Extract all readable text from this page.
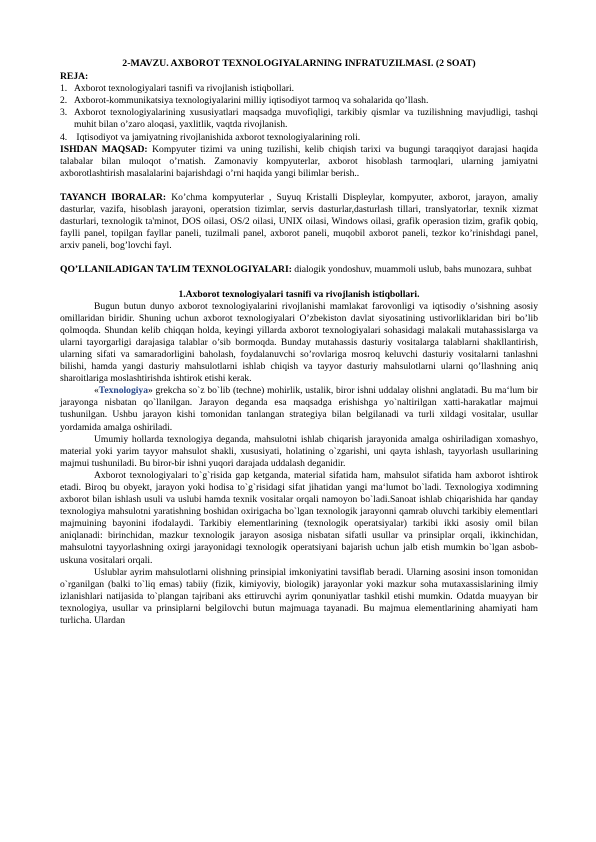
2-MAVZU. AXBOROT TEXNOLOGIYALARNING INFRATUZILMASI. (2 SOAT)

REJA:

1. Axborot texnologiyalari tasnifi va rivojlanish istiqbollari.
2. Axborot-kommunikatsiya texnologiyalarini milliy iqtisodiyot tarmoq va sohalarida qo’llash.
3. Axborot texnologiyalarining xususiyatlari maqsadga muvofiqligi, tarkibiy qismlar va tuzilishning mavjudligi, tashqi muhit bilan o’zaro aloqasi, yaxlitlik, vaqtda rivojlanish.
4. Iqtisodiyot va jamiyatning rivojlanishida axborot texnologiyalarining roli.

ISHDAN MAQSAD: Kompyuter tizimi va uning tuzilishi, kelib chiqish tarixi va bugungi taraqqiyot darajasi haqida talabalar bilan muloqot o’rnatish. Zamonaviy kompyuterlar, axborot hisoblash tarmoqlari, ularning jamiyatni axborotlashtirish masalalarini bajarishdagi o’rni haqida yangi bilimlar berish..

TAYANCH IBORALAR: Ko’chma kompyuterlar , Suyuq Kristalli Displeylar, kompyuter, axborot, jarayon, amaliy dasturlar, vazifa, hisoblash jarayoni, operatsion tizimlar, servis dasturlar,dasturlash tillari, translyatorlar, texnik xizmat dasturlari, texnologik ta'minot, DOS oilasi, OS/2 oilasi, UNIX oilasi, Windows oilasi, grafik operasion tizim, grafik qobiq, faylli panel, topilgan fayllar paneli, tuzilmali panel, axborot paneli, muqobil axborot paneli, tezkor ko’rinishdagi panel, arxiv paneli, bog’lovchi fayl.

QO’LLANILADIGAN TA’LIM TEXNOLOGIYALARI: dialogik yondoshuv, muammoli uslub, bahs munozara, suhbat

1.Axborot texnologiyalari tasnifi va rivojlanish istiqbollari.

Bugun butun dunyo axborot texnologiyalarini rivojlanishi mamlakat farovonligi va iqtisodiy o’sishning asosiy omillaridan biridir. Shuning uchun axborot texnologiyalari O’zbekiston davlat siyosatining ustivorliklaridan biri bo’lib qolmoqda. Shundan kelib chiqqan holda, keyingi yillarda axborot texnologiyalari sohasidagi malakali mutahassislarga va ularni tayorgarligi darajasiga talablar o’sib bormoqda. Bunday mutahassis dasturiy vositalarga talablarni shakllantirish, ularning sifati va samaradorligini baholash, foydalanuvchi so’rovlariga mosroq keluvchi dasturiy vositalarni tanlashni bilishi, hamda yangi dasturiy mahsulotlarni ishlab chiqish va tayyor dasturiy mahsulotlarni ularni qo’llashning aniq sharoitlariga moslashtirishda ishtirok etishi kerak.

«Texnologiya» grekcha so`z bo`lib (techne) mohirlik, ustalik, biror ishni uddalay olishni anglatadi. Bu ma‘lum bir jarayonga nisbatan qo`llanilgan. Jarayon deganda esa maqsadga erishishga yo`naltirilgan xatti-harakatlar majmui tushunilgan. Ushbu jarayon kishi tomonidan tanlangan strategiya bilan belgilanadi va turli xildagi vositalar, usullar yordamida amalga oshiriladi.

Umumiy hollarda texnologiya deganda, mahsulotni ishlab chiqarish jarayonida amalga oshiriladigan xomashyo, material yoki yarim tayyor mahsulot shakli, xususiyati, holatining o`zgarishi, uni qayta ishlash, tayyorlash usullarining majmui tushuniladi. Bu biror-bir ishni yuqori darajada uddalash deganidir.

Axborot texnologiyalari to`g`risida gap ketganda, material sifatida ham, mahsulot sifatida ham axborot ishtirok etadi. Biroq bu obyekt, jarayon yoki hodisa to`g`risidagi sifat jihatidan yangi ma‘lumot bo`ladi. Texnologiya xodimning axborot bilan ishlash usuli va uslubi hamda texnik vositalar orqali namoyon bo`ladi.Sanoat ishlab chiqarishida har qanday texnologiya mahsulotni yaratishning boshidan oxirigacha bo`lgan texnologik jarayonni qamrab oluvchi tarkibiy elementlari majmuining bayonini ifodalaydi. Tarkibiy elementlarining (texnologik operatsiyalar) tarkibi ikki asosiy omil bilan aniqlanadi: birinchidan, mazkur texnologik jarayon asosiga nisbatan sifatli usullar va prinsiplar orqali, ikkinchidan, mahsulotni tayyorlashning oxirgi jarayonidagi texnologik operatsiyani bajarish uchun jalb etish mumkin bo`lgan asbob-uskuna vositalari orqali.

Uslublar ayrim mahsulotlarni olishning prinsipial imkoniyatini tavsiflab beradi. Ularning asosini inson tomonidan o`rganilgan (balki to`liq emas) tabiiy (fizik, kimiyoviy, biologik) jarayonlar yoki mazkur soha mutaxassislarining ilmiy izlanishlari natijasida to`plangan tajribani aks ettiruvchi ayrim qonuniyatlar tashkil etishi mumkin. Odatda muayyan bir texnologiya, usullar va prinsiplarni belgilovchi butun majmuaga tayanadi. Bu majmua elementlarining ahamiyati ham turlicha. Ulardan
